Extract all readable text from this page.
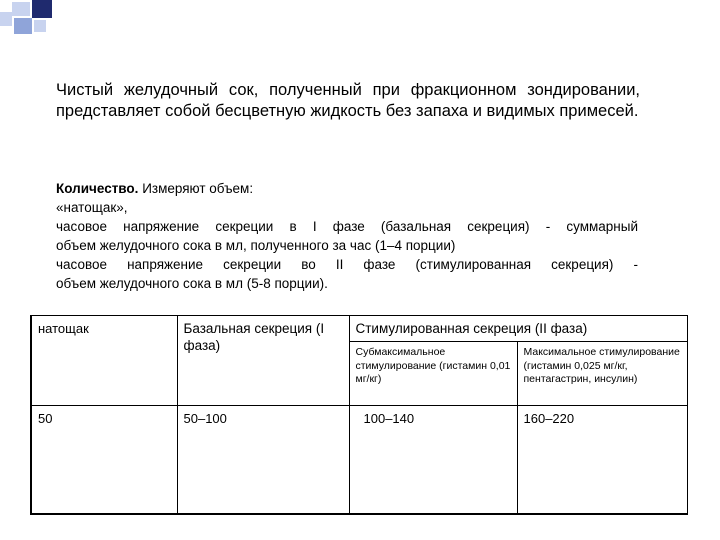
Чистый желудочный сок, полученный при фракционном зондировании, представляет собой бесцветную жидкость без запаха и видимых примесей.
Количество. Измеряют объем:
«натощак»,
часовое напряжение секреции в I фазе (базальная секреция) - суммарный
объем желудочного сока в мл, полученного за час (1–4 порции)
часовое напряжение секреции во II фазе (стимулированная секреция) -
объем желудочного сока в мл (5-8 порции).
натощак	Базальная секреция (I фаза)	Стимулированная секреция (II фаза)	
		Субмаксимальное стимулирование (гистамин 0,01 мг/кг)	Максимальное стимулирование (гистамин 0,025 мг/кг, пентагастрин, инсулин)
50	50–100	100–140	160–220
